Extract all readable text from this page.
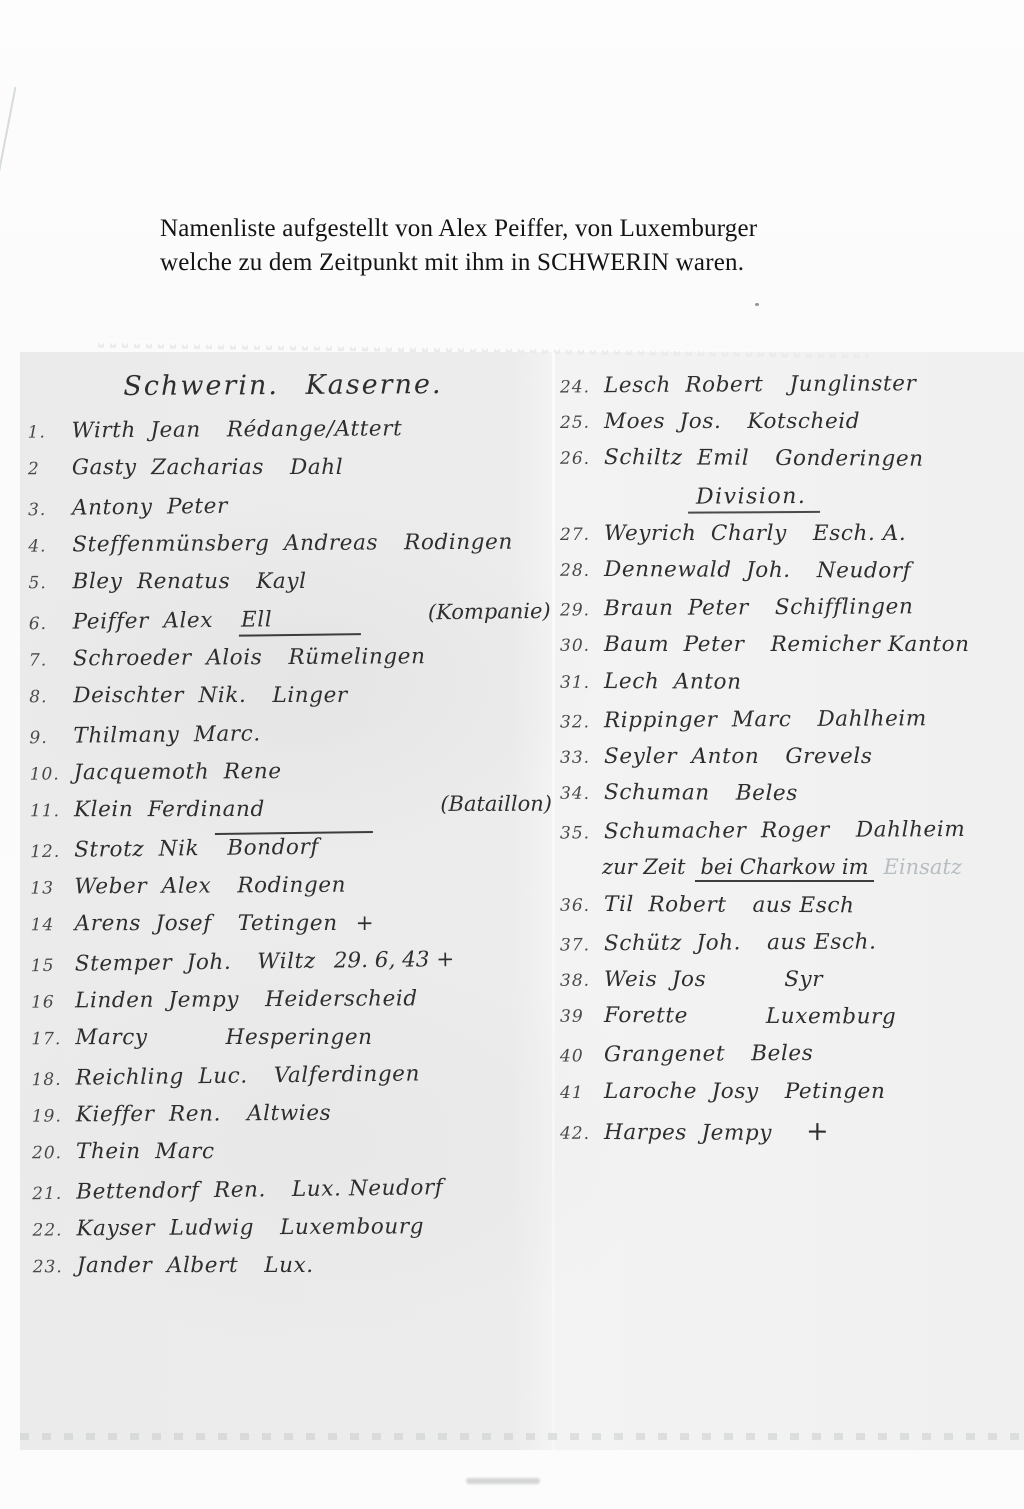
Namenliste aufgestellt von Alex Peiffer, von Luxemburger
welche zu dem Zeitpunkt mit ihm in SCHWERIN waren.
Schwerin. Kaserne.
1. Wirth Jean Rédange/Attert
2 Gasty Zacharias Dahl
3. Antony Peter
4. Steffenmünsberg Andreas Rodingen
5. Bley Renatus Kayl
6. Peiffer Alex Ell	(Kompanie)
7. Schroeder Alois Rümelingen
8. Deischter Nik. Linger
9. Thilmany Marc.
10. Jacquemoth Rene
11. Klein Ferdinand	(Bataillon)
12. Strotz Nik Bondorf
13 Weber Alex Rodingen
14 Arens Josef Tetingen +
15 Stemper Joh. Wiltz 29. 6, 43 +
16 Linden Jempy Heiderscheid
17. Marcy	Hesperingen
18. Reichling Luc. Valferdingen
19. Kieffer Ren. Altwies
20. Thein Marc
21. Bettendorf Ren. Lux. Neudorf
22. Kayser Ludwig Luxembourg
23. Jander Albert Lux.
24. Lesch Robert Junglinster
25. Moes Jos. Kotscheid
26. Schiltz Emil Gonderingen
Division.
27. Weyrich Charly Esch. A.
28. Dennewald Joh. Neudorf
29. Braun Peter Schifflingen
30. Baum Peter Remicher Kanton
31. Lech Anton
32. Rippinger Marc Dahlheim
33. Seyler Anton Grevels
34. Schuman Beles
35. Schumacher Roger Dahlheim
zur Zeit bei Charkow im Einsatz
36. Til Robert aus Esch
37. Schütz Joh. aus Esch.
38. Weis Jos	Syr
39 Forette	Luxemburg
40 Grangenet Beles
41 Laroche Josy Petingen
42. Harpes Jempy +
